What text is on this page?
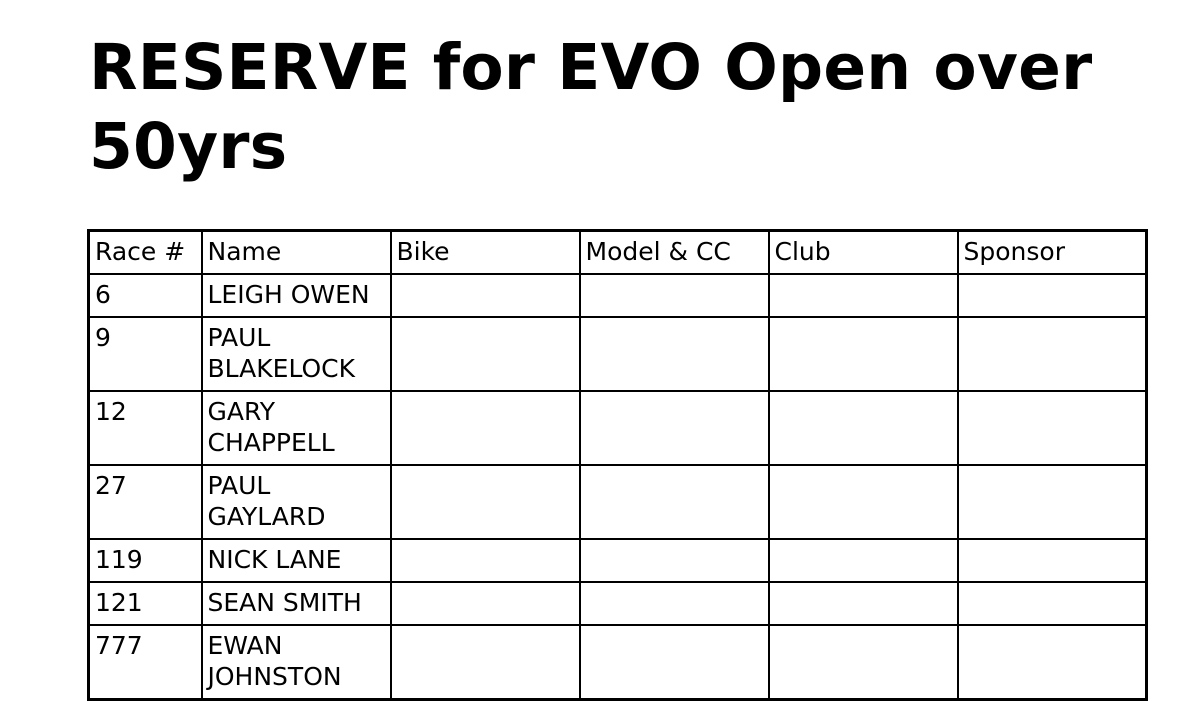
RESERVE for EVO Open over 50yrs
Race #	Name	Bike	Model & CC	Club	Sponsor
6	LEIGH OWEN				
9	PAUL BLAKELOCK				
12	GARY CHAPPELL				
27	PAUL GAYLARD				
119	NICK LANE				
121	SEAN SMITH				
777	EWAN JOHNSTON				
